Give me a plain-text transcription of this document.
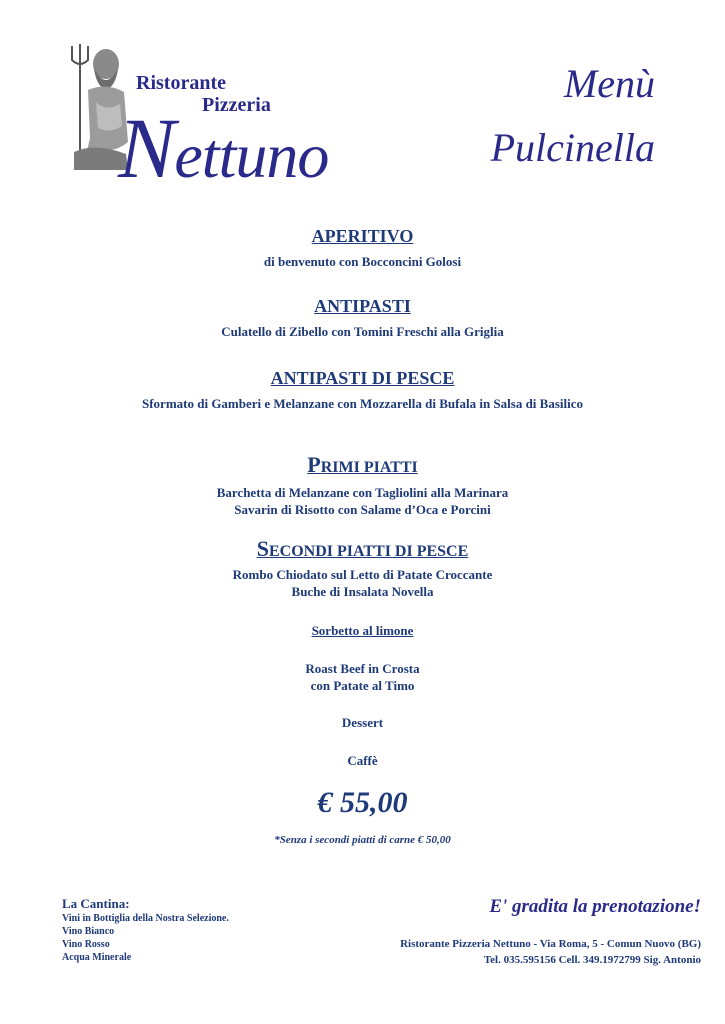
Ristorante
Pizzeria
Nettuno
Menù
Pulcinella
APERITIVO
di benvenuto con Bocconcini Golosi
ANTIPASTI
Culatello di Zibello con Tomini Freschi alla Griglia
ANTIPASTI DI PESCE
Sformato di Gamberi e Melanzane con Mozzarella di Bufala in Salsa di Basilico
PRIMI PIATTI
Barchetta di Melanzane con Tagliolini alla Marinara
Savarin di Risotto con Salame d’Oca e Porcini
SECONDI PIATTI DI PESCE
Rombo Chiodato sul Letto di Patate Croccante
Buche di Insalata Novella
Sorbetto al limone
Roast Beef in Crosta
con Patate al Timo
Dessert
Caffè
€ 55,00
*Senza i secondi piatti di carne € 50,00
La Cantina:
Vini in Bottiglia della Nostra Selezione.
Vino Bianco
Vino Rosso
Acqua Minerale
E' gradita la prenotazione!
Ristorante Pizzeria Nettuno - Via Roma, 5 - Comun Nuovo (BG)
Tel. 035.595156 Cell. 349.1972799 Sig. Antonio
